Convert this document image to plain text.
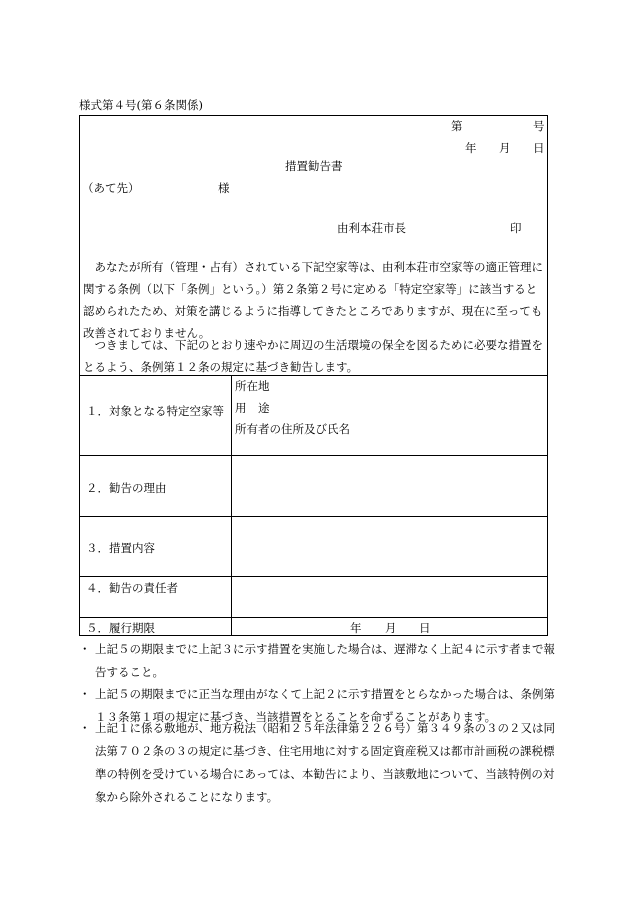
様式第４号(第６条関係)
第	号
年 月 日
措置勧告書
（あて先）	様
由利本荘市長	印
　あなたが所有（管理・占有）されている下記空家等は、由利本荘市空家等の適正管理に関する条例（以下「条例」という。）第２条第２号に定める「特定空家等」に該当すると認められたため、対策を講じるように指導してきたところでありますが、現在に至っても改善されておりません。
　つきましては、下記のとおり速やかに周辺の生活環境の保全を図るために必要な措置をとるよう、条例第１２条の規定に基づき勧告します。
１．対象となる特定空家等
所在地
用　途
所有者の住所及び氏名
２．勧告の理由
３．措置内容
４．勧告の責任者
５．履行期限	年 月 日
・ 上記５の期限までに上記３に示す措置を実施した場合は、遅滞なく上記４に示す者まで報告すること。
・ 上記５の期限までに正当な理由がなくて上記２に示す措置をとらなかった場合は、条例第１３条第１項の規定に基づき、当該措置をとることを命ずることがあります。
・ 上記１に係る敷地が、地方税法（昭和２５年法律第２２６号）第３４９条の３の２又は同法第７０２条の３の規定に基づき、住宅用地に対する固定資産税又は都市計画税の課税標準の特例を受けている場合にあっては、本勧告により、当該敷地について、当該特例の対象から除外されることになります。
